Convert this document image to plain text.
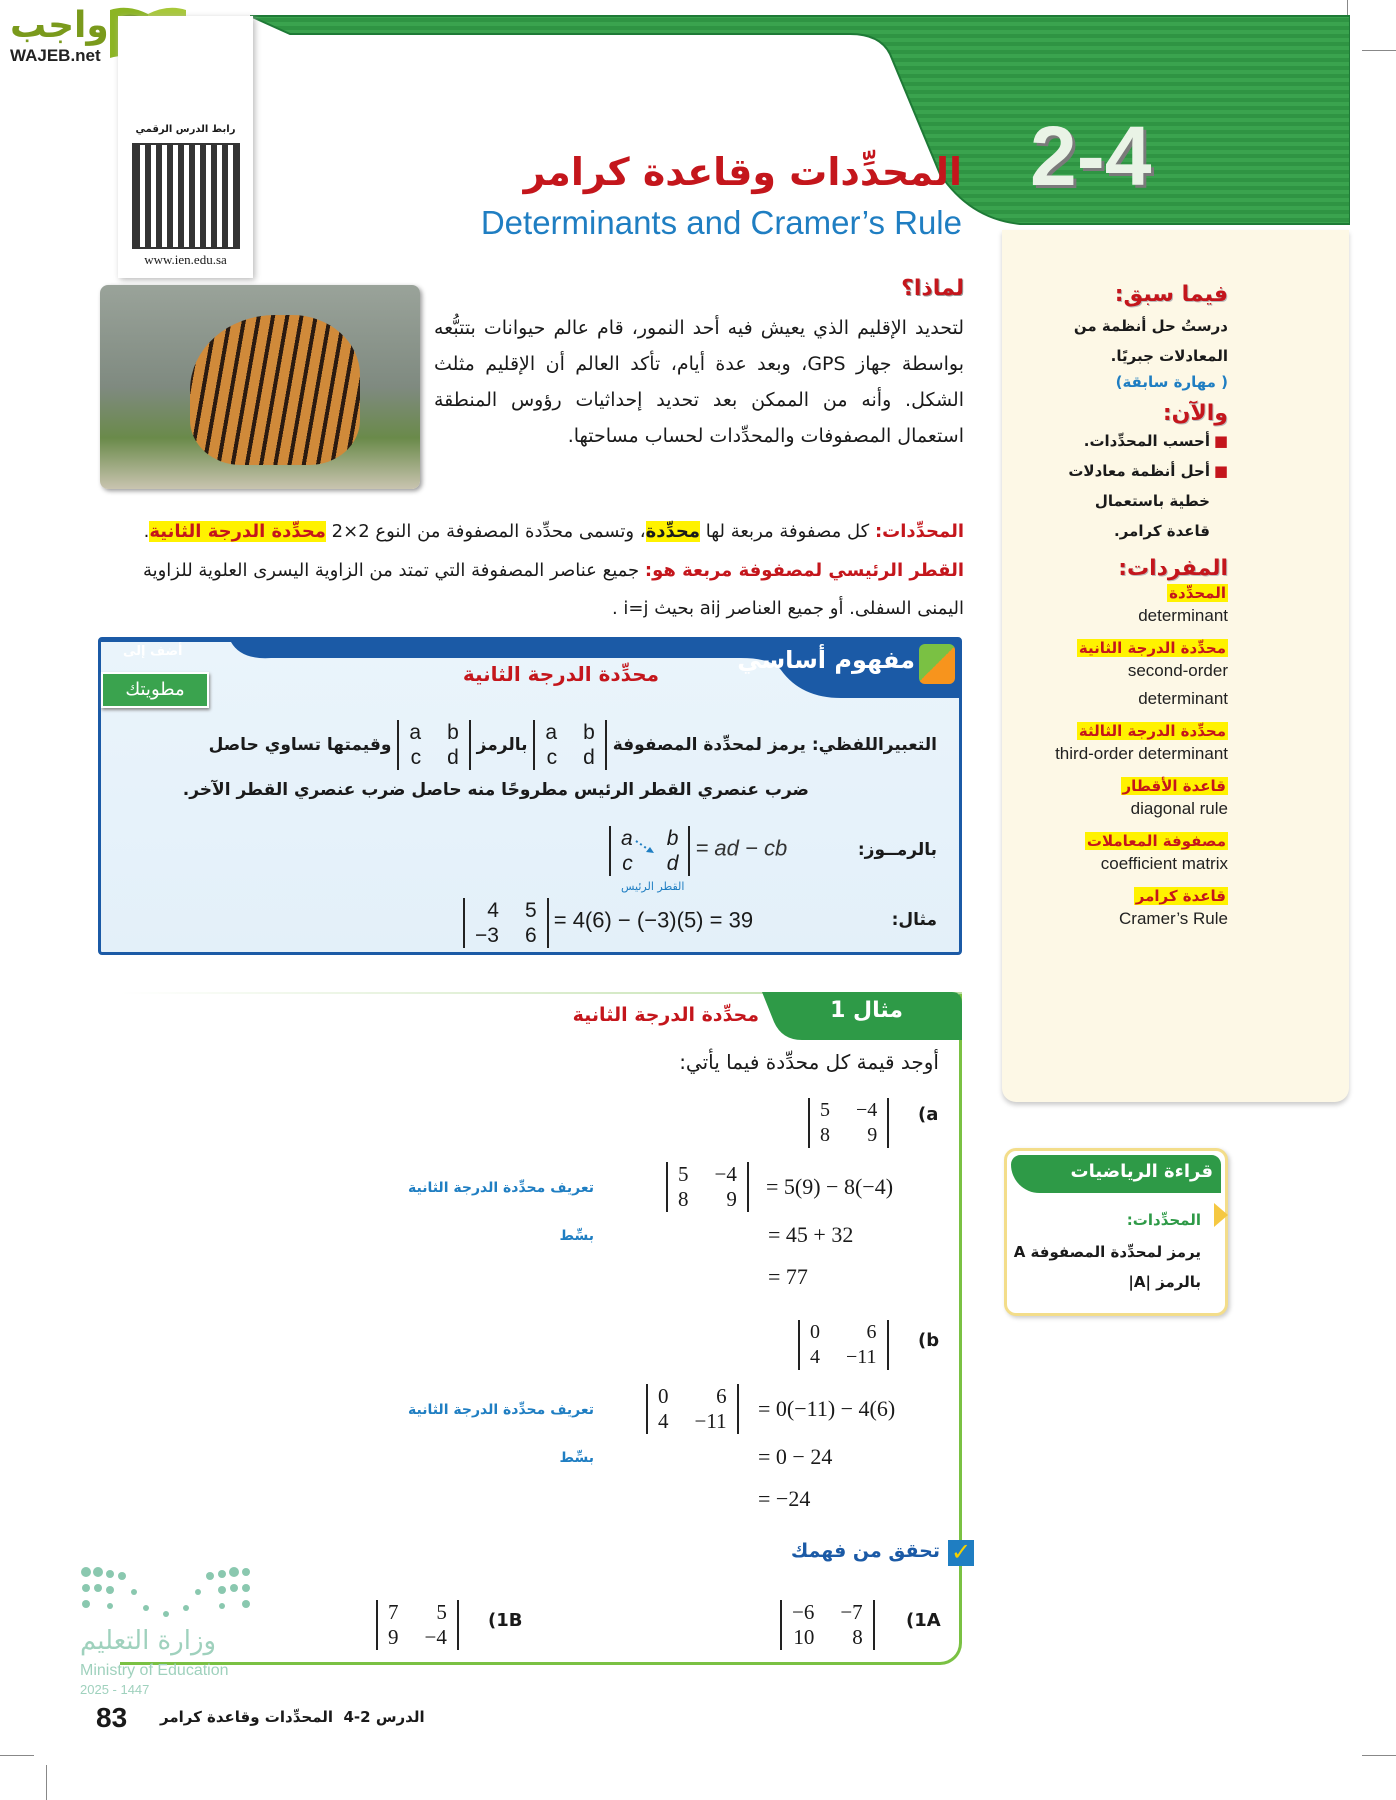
واجب
WAJEB.net
2-4
المحدِّدات وقاعدة كرامر
Determinants and Cramer’s Rule
رابط الدرس الرقمي
www.ien.edu.sa
لماذا؟
لتحديد الإقليم الذي يعيش فيه أحد النمور، قام عالم حيوانات بتتبُّعه بواسطة جهاز GPS، وبعد عدة أيام، تأكد العالم أن الإقليم مثلث الشكل. وأنه من الممكن بعد تحديد إحداثيات رؤوس المنطقة استعمال المصفوفات والمحدِّدات لحساب مساحتها.
المحدِّدات: كل مصفوفة مربعة لها محدِّدة، وتسمى محدِّدة المصفوفة من النوع 2×2 محدِّدة الدرجة الثانية.
القطر الرئيسي لمصفوفة مربعة هو: جميع عناصر المصفوفة التي تمتد من الزاوية اليسرى العلوية للزاوية اليمنى السفلى. أو جميع العناصر aij بحيث i=j .
مفهوم أساسي
محدِّدة الدرجة الثانية
أضف إلى
مطويتك
التعبيراللفظي: يرمز لمحدِّدة المصفوفة
a b
c d
بالرمز
a b
c d
وقيمتها تساوي حاصل
ضرب عنصري القطر الرئيس مطروحًا منه حاصل ضرب عنصري القطر الآخر.
بالرمــوز:
a b
c d
= ad − cb
القطر الرئيس
مثال:
4 5
−3 6
= 4(6) − (−3)(5) = 39
مثال 1
محدِّدة الدرجة الثانية
أوجد قيمة كل محدِّدة فيما يأتي:
(a
5 −4
8	9
5 −4
8	9 = 5(9) − 8(−4)
= 45 + 32
= 77
تعريف محدِّدة الدرجة الثانية
بسِّط
(b
0	6
4 −11
0	6
4 −11 = 0(−11) − 4(6)
= 0 − 24
= −24
تعريف محدِّدة الدرجة الثانية
بسِّط
✓
تحقق من فهمك
(1A
−6 −7
10	8
(1B
7	5
9 −4
فيما سبق:
درستُ حل أنظمة من المعادلات جبريًا.
( مهارة سابقة)
والآن:
■
أحسب المحدِّدات.
■
أحل أنظمة معادلات خطية باستعمال قاعدة كرامر.
المفردات:
المحدِّدة
determinant
محدِّدة الدرجة الثانية
second-order determinant
محدِّدة الدرجة الثالثة
third-order determinant
قاعدة الأقطار
diagonal rule
مصفوفة المعاملات
coefficient matrix
قاعدة كرامر
Cramer’s Rule
قراءة الرياضيات
المحدِّدات:
يرمز لمحدِّدة المصفوفة A بالرمز |A|
وزارة التعليم
Ministry of Education
2025 - 1447
83	الدرس 2-4  المحدِّدات وقاعدة كرامر
